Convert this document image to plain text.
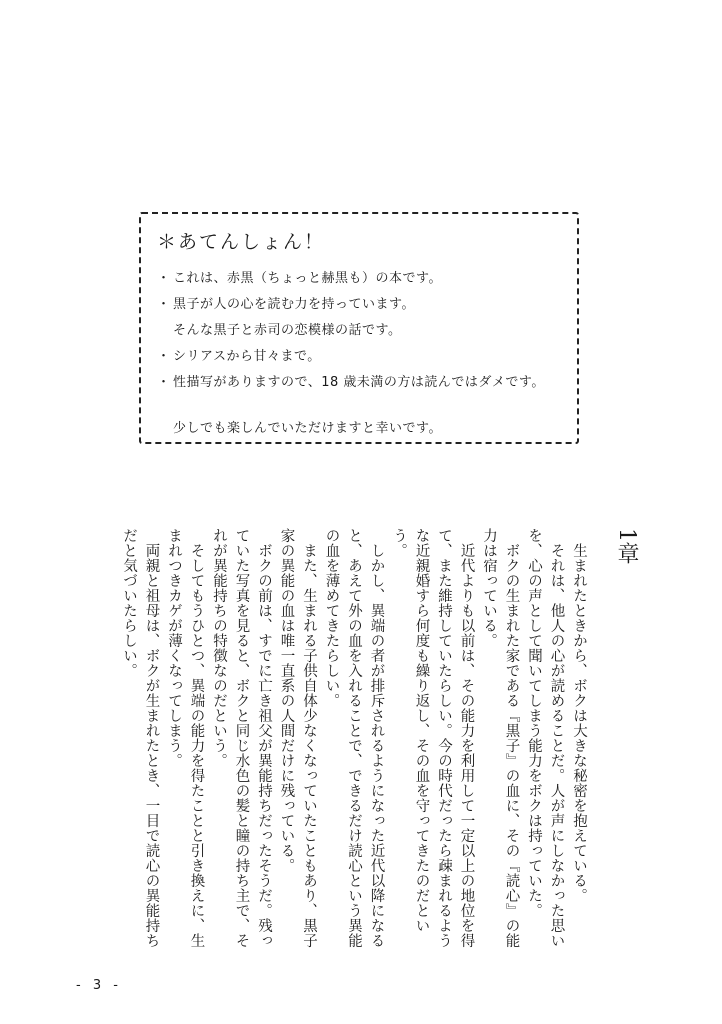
＊あてんしょん！
・ これは、赤黒（ちょっと赫黒も）の本です。
・ 黒子が人の心を読む力を持っています。
そんな黒子と赤司の恋模様の話です。
・ シリアスから甘々まで。
・ 性描写がありますので、18 歳未満の方は読んではダメです。
少しでも楽しんでいただけますと幸いです。
1章

生まれたときから、ボクは大きな秘密を抱えている。

それは、他人の心が読めることだ。人が声にしなかった思いを、心の声として聞いてしまう能力をボクは持っていた。

ボクの生まれた家である『黒子』の血に、その『読心』の能力は宿っている。

近代よりも以前は、その能力を利用して一定以上の地位を得て、また維持していたらしい。今の時代だったら疎まれるような近親婚すら何度も繰り返し、その血を守ってきたのだという。

しかし、異端の者が排斥されるようになった近代以降になると、あえて外の血を入れることで、できるだけ読心という異能の血を薄めてきたらしい。

また、生まれる子供自体少なくなっていたこともあり、黒子家の異能の血は唯一直系の人間だけに残っている。

ボクの前は、すでに亡き祖父が異能持ちだったそうだ。残っていた写真を見ると、ボクと同じ水色の髪と瞳の持ち主で、それが異能持ちの特徴なのだという。

そしてもうひとつ、異端の能力を得たことと引き換えに、生まれつきカゲが薄くなってしまう。

両親と祖母は、ボクが生まれたとき、一目で読心の異能持ちだと気づいたらしい。

- 3 -
